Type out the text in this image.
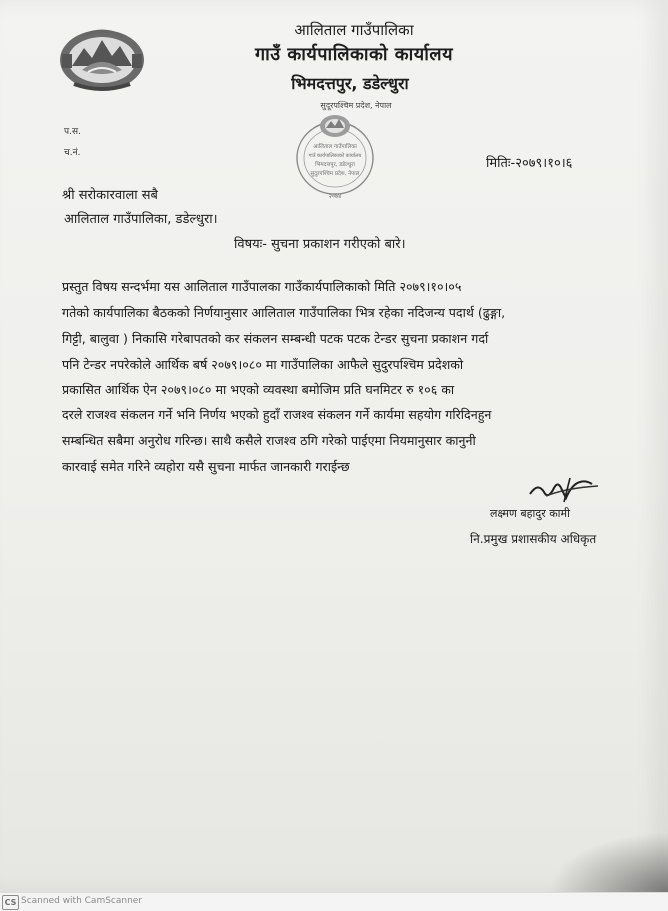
आलिताल गाउँपालिका
गाउँ कार्यपालिकाको कार्यालय
भिमदत्तपुर, डडेल्धुरा
सुदूरपश्चिम प्रदेश, नेपाल
आलिताल गाउँपालिका
गाउँ कार्यपालिकाको कार्यालय
भिमदत्तपुर, डडेल्धुरा
सुदूरपश्चिम प्रदेश, नेपाल
२०७४
प.स.
च.नं.
मितिः-२०७९।१०।६
श्री सरोकारवाला सबै
आलिताल गाउँपालिका, डडेल्धुरा।
विषयः- सुचना प्रकाशन गरीएको बारे।
प्रस्तुत विषय सन्दर्भमा यस आलिताल गाउँपालका गाउँकार्यपालिकाको मिति २०७९।१०।०५
गतेको कार्यपालिका बैठकको निर्णयानुसार आलिताल गाउँपालिका भित्र रहेका नदिजन्य पदार्थ (ढुङ्गा,
गिट्टी, बालुवा ) निकासि गरेबापतको कर संकलन सम्बन्धी पटक पटक टेन्डर सुचना प्रकाशन गर्दा
पनि टेन्डर नपरेकोले आर्थिक बर्ष २०७९।०८० मा गाउँपालिका आफैले सुदुरपश्चिम प्रदेशको
प्रकासित आर्थिक ऐन २०७९।०८० मा भएको व्यवस्था बमोजिम प्रति घनमिटर रु १०६ का
दरले राजश्व संकलन गर्ने भनि निर्णय भएको हुदाँ राजश्व संकलन गर्ने कार्यमा सहयोग गरिदिनहुन
सम्बन्धित सबैमा अनुरोध गरिन्छ। साथै कसैले राजश्व ठगि गरेको पाईएमा नियमानुसार कानुनी
कारवाई समेत गरिने व्यहोरा यसै सुचना मार्फत जानकारी गराईन्छ
लक्ष्मण बहादुर कामी
नि.प्रमुख प्रशासकीय अधिकृत
CS Scanned with CamScanner
